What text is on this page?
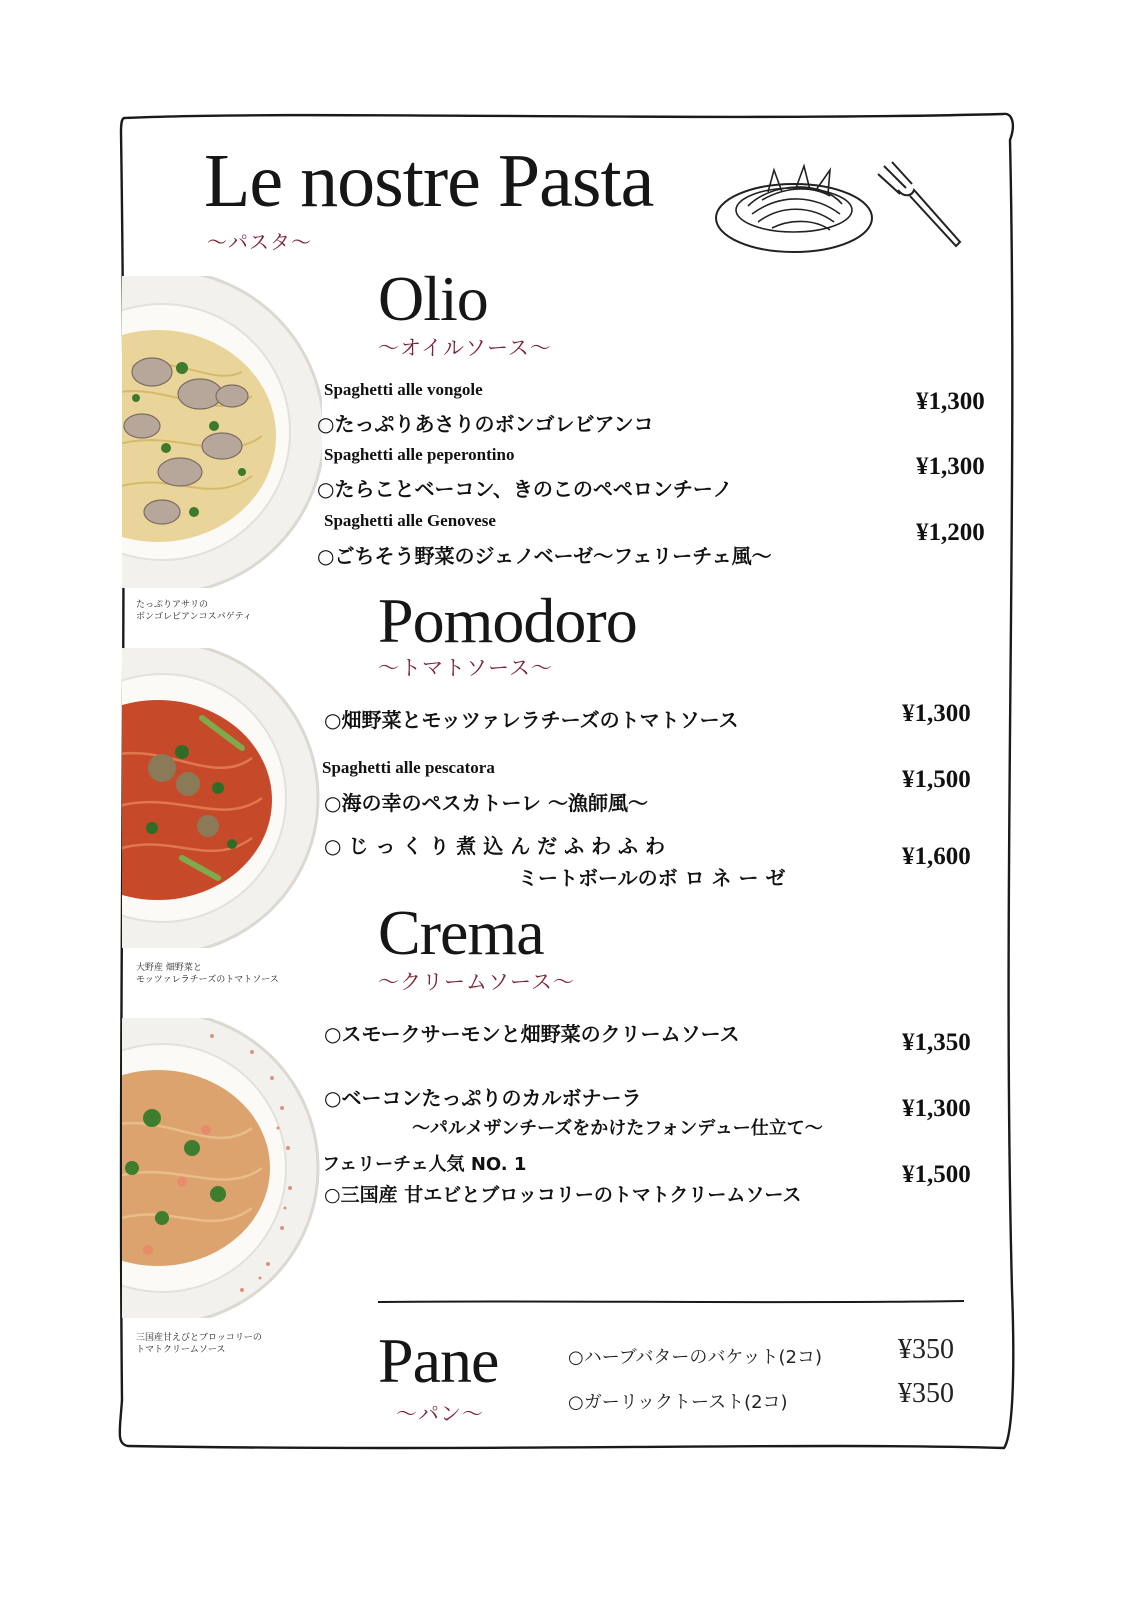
Le nostre Pasta
〜パスタ〜
たっぷりアサリの
ボンゴレビアンコスパゲティ
Olio
〜オイルソース〜
Spaghetti alle vongole
○たっぷりあさりのボンゴレビアンコ
¥1,300
Spaghetti alle peperontino
○たらことベーコン、きのこのペペロンチーノ
¥1,300
Spaghetti alle Genovese
○ごちそう野菜のジェノベーゼ〜フェリーチェ風〜
¥1,200
大野産 畑野菜と
モッツァレラチーズのトマトソース
Pomodoro
〜トマトソース〜
○畑野菜とモッツァレラチーズのトマトソース	¥1,300
Spaghetti alle pescatora
○海の幸のペスカトーレ 〜漁師風〜
¥1,500
○ じ っ く り 煮 込 ん だ ふ わ ふ わ
ミートボールのボ ロ ネ ー ゼ
¥1,600
三国産甘えびとブロッコリーの
トマトクリームソース
Crema
〜クリームソース〜
○スモークサーモンと畑野菜のクリームソース	¥1,350
○ベーコンたっぷりのカルボナーラ
〜パルメザンチーズをかけたフォンデュー仕立て〜
¥1,300
フェリーチェ人気 NO. 1
○三国産 甘エビとブロッコリーのトマトクリームソース
¥1,500
Pane
〜パン〜
○ハーブバターのバケット(2コ)	¥350
○ガーリックトースト(2コ)	¥350
